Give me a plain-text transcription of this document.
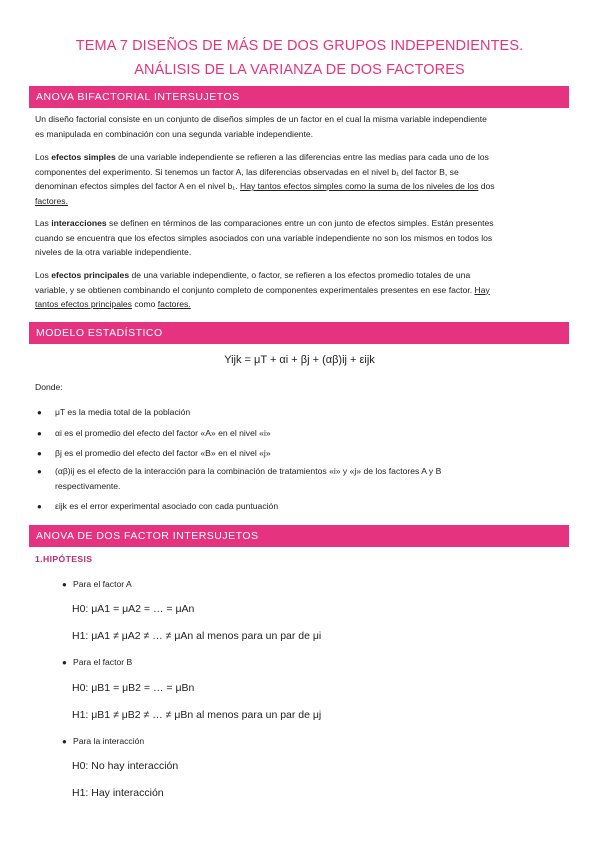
TEMA 7 DISEÑOS DE MÁS DE DOS GRUPOS INDEPENDIENTES.
ANÁLISIS DE LA VARIANZA DE DOS FACTORES
ANOVA BIFACTORIAL INTERSUJETOS
Un diseño factorial consiste en un conjunto de diseños simples de un factor en el cual la misma variable independiente
es manipulada en combinación con una segunda variable independiente.
Los efectos simples de una variable independiente se refieren a las diferencias entre las medias para cada uno de los
componentes del experimento. Si tenemos un factor A, las diferencias observadas en el nivel b₁ del factor B, se
denominan efectos simples del factor A en el nivel b₁. Hay tantos efectos simples como la suma de los niveles de los dos
factores.
Las interacciones se definen en términos de las comparaciones entre un con junto de efectos simples. Están presentes
cuando se encuentra que los efectos simples asociados con una variable independiente no son los mismos en todos los
niveles de la otra variable independiente.
Los efectos principales de una variable independiente, o factor, se refieren a los efectos promedio totales de una
variable, y se obtienen combinando el conjunto completo de componentes experimentales presentes en ese factor. Hay
tantos efectos principales como factores.
MODELO ESTADÍSTICO
Yijk = μT + αi + βj + (αβ)ij + εijk
Donde:
● μT es la media total de la población
● αi es el promedio del efecto del factor «A» en el nivel «i»
● βj es el promedio del efecto del factor «B» en el nivel «j»
● (αβ)ij es el efecto de la interacción para la combinación de tratamientos «i» y «j» de los factores A y B
respectivamente.
● εijk es el error experimental asociado con cada puntuación
ANOVA DE DOS FACTOR INTERSUJETOS
1.HIPÓTESIS
● Para el factor A
H0: μA1 = μA2 = … = μAn
H1: μA1 ≠ μA2 ≠ … ≠ μAn al menos para un par de μi
● Para el factor B
H0: μB1 = μB2 = … = μBn
H1: μB1 ≠ μB2 ≠ … ≠ μBn al menos para un par de μj
● Para la interacción
H0: No hay interacción
H1: Hay interacción
